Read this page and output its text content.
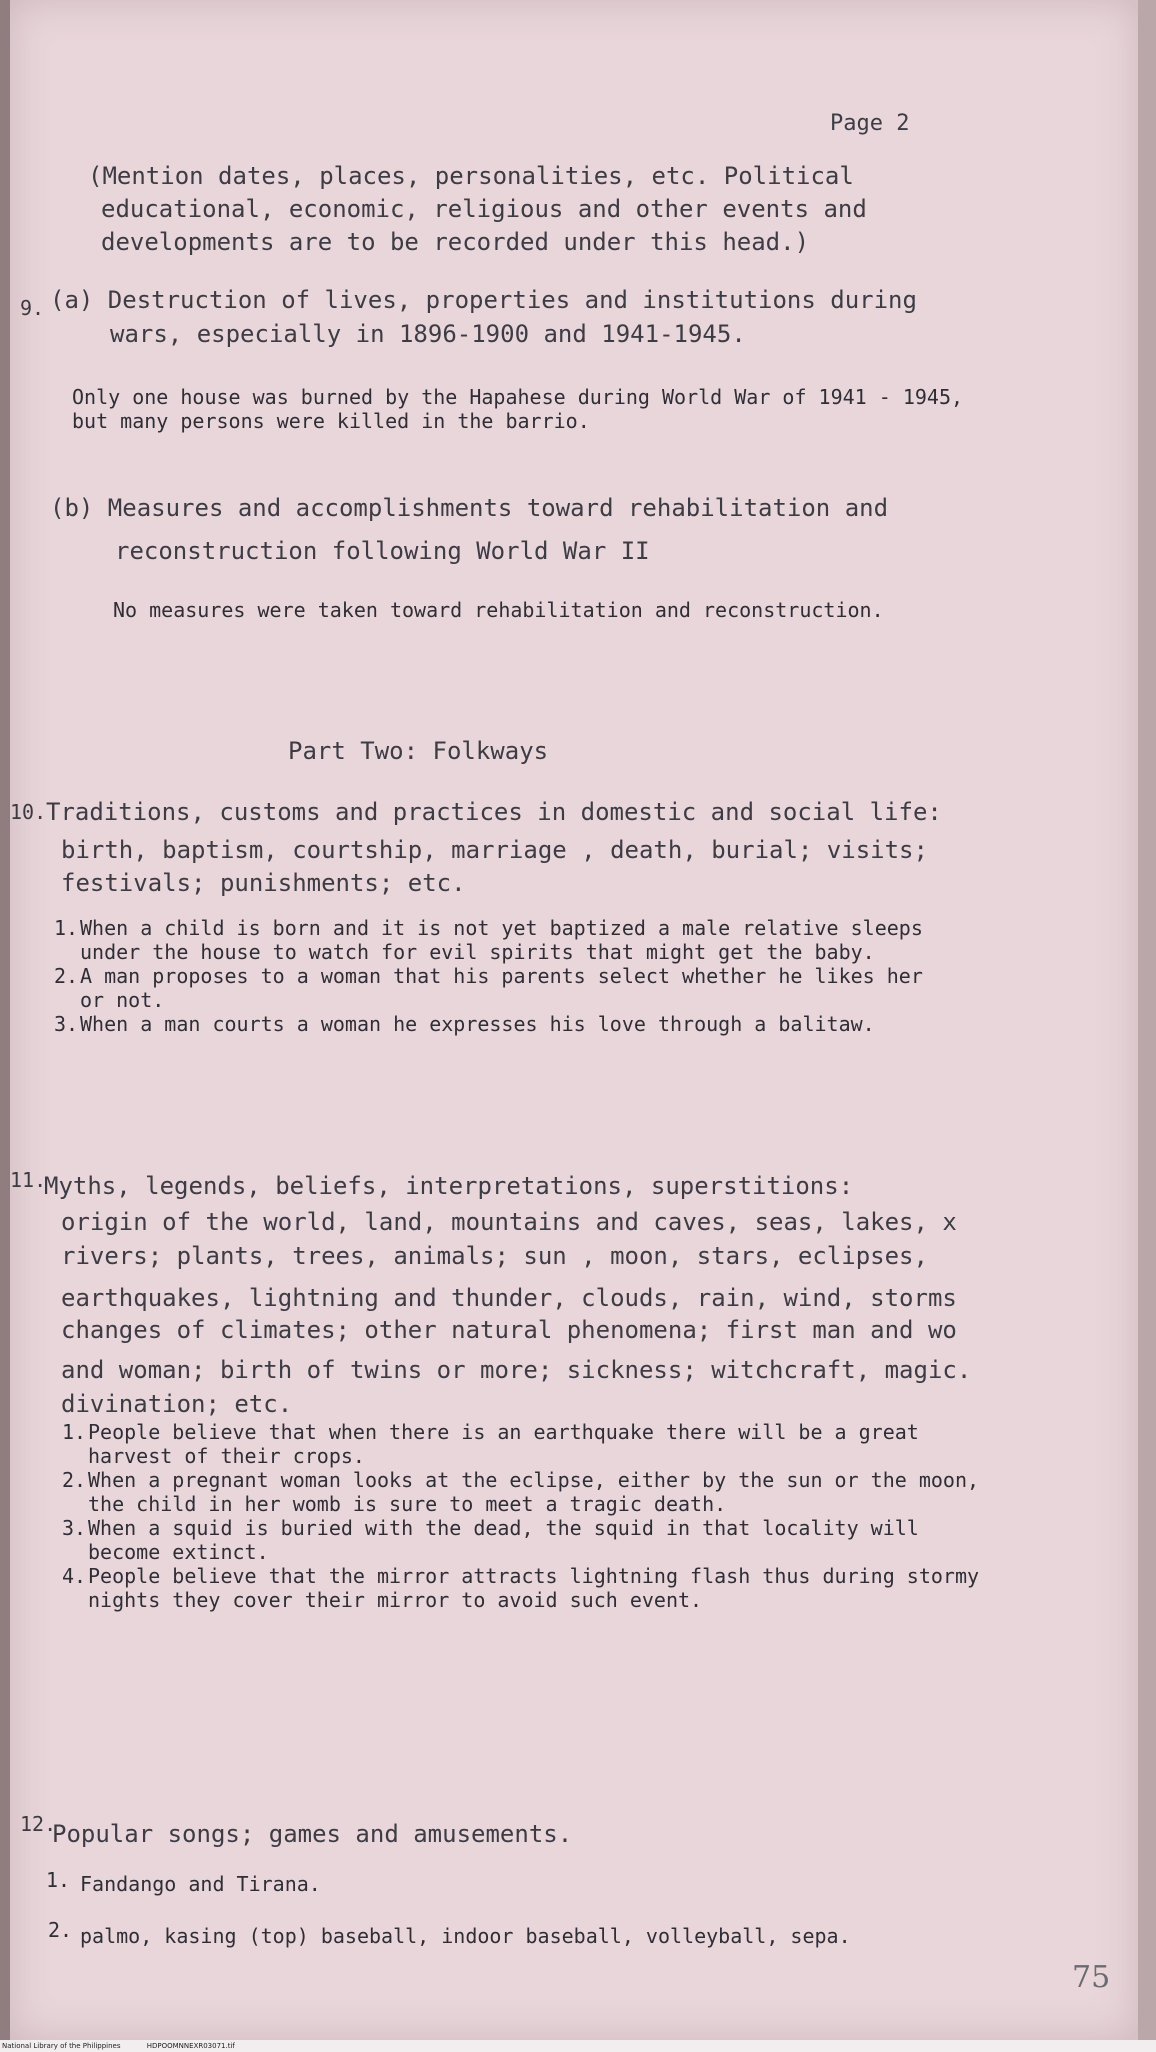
Page 2
(Mention dates, places, personalities, etc. Political
educational, economic, religious and other events and
developments are to be recorded under this head.)
9. (a) Destruction of lives, properties and institutions during
wars, especially in 1896-1900 and 1941-1945.
Only one house was burned by the Hapahese during World War of 1941 - 1945,
but many persons were killed in the barrio.
(b) Measures and accomplishments toward rehabilitation and
reconstruction following World War II
No measures were taken toward rehabilitation and reconstruction.
Part Two: Folkways
10. Traditions, customs and practices in domestic and social life:
birth, baptism, courtship, marriage , death, burial; visits;
festivals; punishments; etc.
1. When a child is born and it is not yet baptized a male relative sleeps
under the house to watch for evil spirits that might get the baby.
2. A man proposes to a woman that his parents select whether he likes her
or not.
3. When a man courts a woman he expresses his love through a balitaw.
11.
Myths, legends, beliefs, interpretations, superstitions:
origin of the world, land, mountains and caves, seas, lakes, x
rivers; plants, trees, animals; sun , moon, stars, eclipses,
earthquakes, lightning and thunder, clouds, rain, wind, storms
changes of climates; other natural phenomena; first man and wo
and woman; birth of twins or more; sickness; witchcraft, magic.
divination; etc.
1. People believe that when there is an earthquake there will be a great
harvest of their crops.
2. When a pregnant woman looks at the eclipse, either by the sun or the moon,
the child in her womb is sure to meet a tragic death.
3. When a squid is buried with the dead, the squid in that locality will
become extinct.
4. People believe that the mirror attracts lightning flash thus during stormy
nights they cover their mirror to avoid such event.
12.
Popular songs; games and amusements.
1. Fandango and Tirana.
2. palmo, kasing (top) baseball, indoor baseball, volleyball, sepa.
75
National Library of the Philippines	HDPOOMNNEXR03071.tif
